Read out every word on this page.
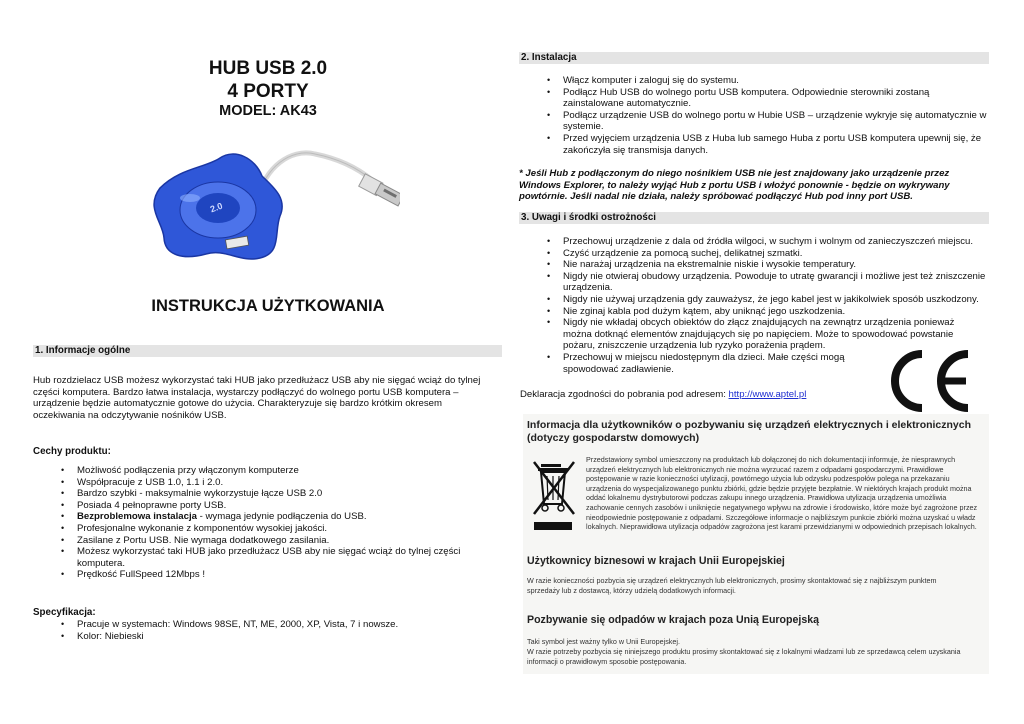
HUB USB 2.0
4 PORTY
MODEL: AK43
2.0
INSTRUKCJA UŻYTKOWANIA
1. Informacje ogólne
Hub rozdzielacz USB możesz wykorzystać taki HUB jako przedłużacz USB aby nie sięgać wciąż do tylnej części komputera. Bardzo łatwa instalacja, wystarczy podłączyć do wolnego portu USB komputera – urządzenie będzie automatycznie gotowe do użycia. Charakteryzuje się bardzo krótkim okresem oczekiwania na odczytywanie nośników USB.
Cechy produktu:
• Możliwość podłączenia przy włączonym komputerze
• Współpracuje z USB 1.0, 1.1 i 2.0.
• Bardzo szybki - maksymalnie wykorzystuje łącze USB 2.0
• Posiada 4 pełnoprawne porty USB.
• Bezproblemowa instalacja - wymaga jedynie podłączenia do USB.
• Profesjonalne wykonanie z komponentów wysokiej jakości.
• Zasilane z Portu USB. Nie wymaga dodatkowego zasilania.
• Możesz wykorzystać taki HUB jako przedłużacz USB aby nie sięgać wciąż do tylnej części komputera.
• Prędkość FullSpeed 12Mbps !
Specyfikacja:
• Pracuje w systemach: Windows 98SE, NT, ME, 2000, XP, Vista, 7 i nowsze.
• Kolor: Niebieski
2. Instalacja
• Włącz komputer i zaloguj się do systemu.
• Podłącz Hub USB do wolnego portu USB komputera. Odpowiednie sterowniki zostaną zainstalowane automatycznie.
• Podłącz urządzenie USB do wolnego portu w Hubie USB – urządzenie wykryje się automatycznie w systemie.
• Przed wyjęciem urządzenia USB z Huba lub samego Huba z portu USB komputera upewnij się, że zakończyła się transmisja danych.
* Jeśli Hub z podłączonym do niego nośnikiem USB nie jest znajdowany jako urządzenie przez Windows Explorer, to należy wyjąć Hub z portu USB i włożyć ponownie - będzie on wykrywany powtórnie. Jeśli nadal nie działa, należy spróbować podłączyć Hub pod inny port USB.
3. Uwagi i środki ostrożności
• Przechowuj urządzenie z dala od źródła wilgoci, w suchym i wolnym od zanieczyszczeń miejscu.
• Czyść urządzenie za pomocą suchej, delikatnej szmatki.
• Nie narażaj urządzenia na ekstremalnie niskie i wysokie temperatury.
• Nigdy nie otwieraj obudowy urządzenia. Powoduje to utratę gwarancji i możliwe jest też zniszczenie urządzenia.
• Nigdy nie używaj urządzenia gdy zauważysz, że jego kabel jest w jakikolwiek sposób uszkodzony.
• Nie zginaj kabla pod dużym kątem, aby uniknąć jego uszkodzenia.
• Nigdy nie wkładaj obcych obiektów do złącz znajdujących na zewnątrz urządzenia ponieważ można dotknąć elementów znajdujących się po napięciem. Może to spowodować powstanie pożaru, zniszczenie urządzenia lub ryzyko porażenia prądem.
• Przechowuj w miejscu niedostępnym dla dzieci. Małe części mogą spowodować zadławienie.
Deklaracja zgodności do pobrania pod adresem: http://www.aptel.pl
Informacja dla użytkowników o pozbywaniu się urządzeń elektrycznych i elektronicznych (dotyczy gospodarstw domowych)
Przedstawiony symbol umieszczony na produktach lub dołączonej do nich dokumentacji informuje, że niesprawnych urządzeń elektrycznych lub elektronicznych nie można wyrzucać razem z odpadami gospodarczymi. Prawidłowe postępowanie w razie konieczności utylizacji, powtórnego użycia lub odzysku podzespołów polega na przekazaniu urządzenia do wyspecjalizowanego punktu zbiórki, gdzie będzie przyjęte bezpłatnie. W niektórych krajach produkt można oddać lokalnemu dystrybutorowi podczas zakupu innego urządzenia. Prawidłowa utylizacja urządzenia umożliwia zachowanie cennych zasobów i uniknięcie negatywnego wpływu na zdrowie i środowisko, które może być zagrożone przez nieodpowiednie postępowanie z odpadami. Szczegółowe informacje o najbliższym punkcie zbiórki można uzyskać u władz lokalnych. Nieprawidłowa utylizacja odpadów zagrożona jest karami przewidzianymi w odpowiednich przepisach lokalnych.
Użytkownicy biznesowi w krajach Unii Europejskiej
W razie konieczności pozbycia się urządzeń elektrycznych lub elektronicznych, prosimy skontaktować się z najbliższym punktem sprzedaży lub z dostawcą, którzy udzielą dodatkowych informacji.
Pozbywanie się odpadów w krajach poza Unią Europejską
Taki symbol jest ważny tylko w Unii Europejskej.
W razie potrzeby pozbycia się niniejszego produktu prosimy skontaktować się z lokalnymi władzami lub ze sprzedawcą celem uzyskania informacji o prawidłowym sposobie postępowania.
